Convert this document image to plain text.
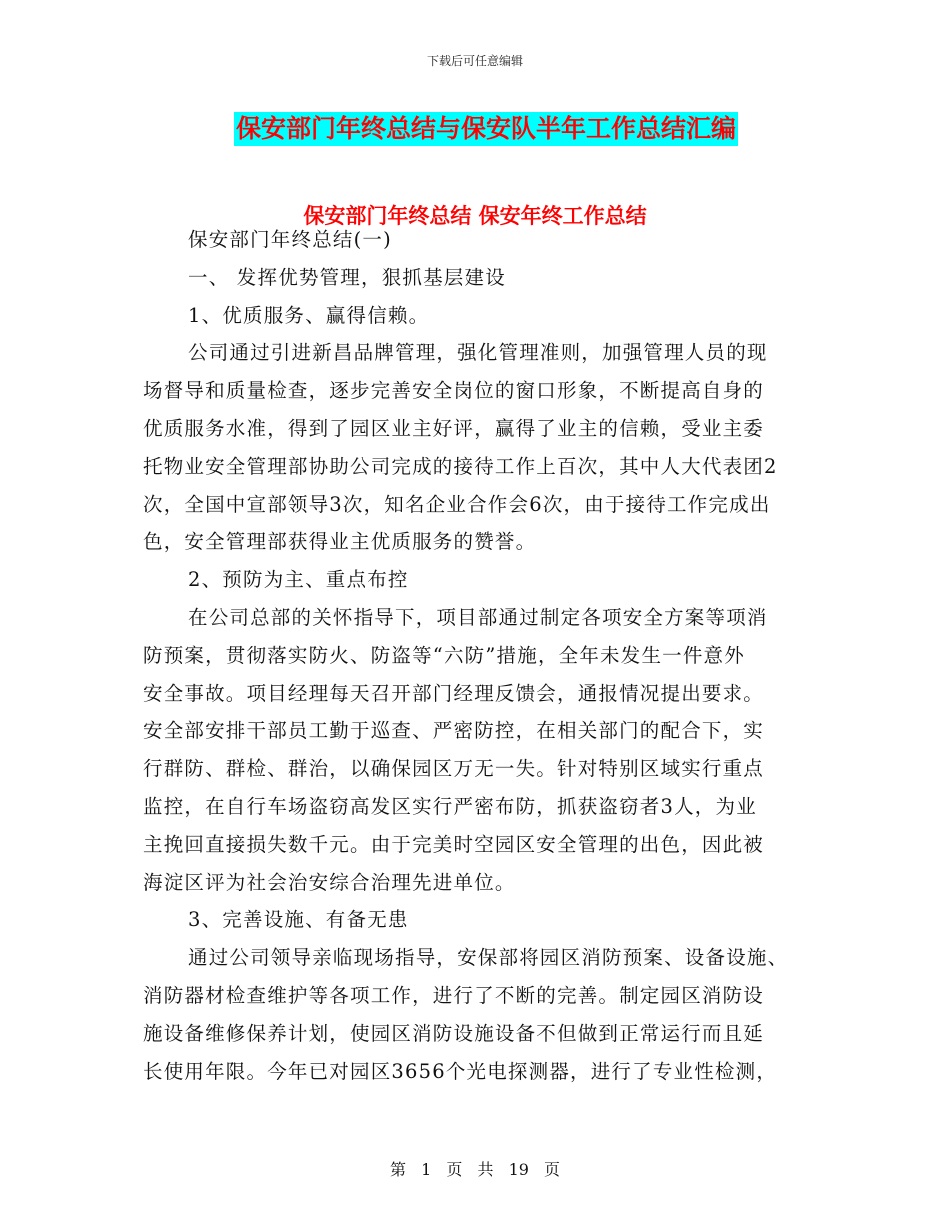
下载后可任意编辑
保安部门年终总结与保安队半年工作总结汇编
保安部门年终总结 保安年终工作总结
保安部门年终总结(一)
一、 发挥优势管理，狠抓基层建设
1、优质服务、赢得信赖。
公司通过引进新昌品牌管理，强化管理准则，加强管理人员的现
场督导和质量检查，逐步完善安全岗位的窗口形象，不断提高自身的
优质服务水准，得到了园区业主好评，赢得了业主的信赖，受业主委
托物业安全管理部协助公司完成的接待工作上百次，其中人大代表团2
次，全国中宣部领导3次，知名企业合作会6次，由于接待工作完成出
色，安全管理部获得业主优质服务的赞誉。
2、预防为主、重点布控
在公司总部的关怀指导下，项目部通过制定各项安全方案等项消
防预案，贯彻落实防火、防盗等“六防”措施，全年未发生一件意外
安全事故。项目经理每天召开部门经理反馈会，通报情况提出要求。
安全部安排干部员工勤于巡查、严密防控，在相关部门的配合下，实
行群防、群检、群治，以确保园区万无一失。针对特别区域实行重点
监控，在自行车场盗窃高发区实行严密布防，抓获盗窃者3人，为业
主挽回直接损失数千元。由于完美时空园区安全管理的出色，因此被
海淀区评为社会治安综合治理先进单位。
3、完善设施、有备无患
通过公司领导亲临现场指导，安保部将园区消防预案、设备设施、
消防器材检查维护等各项工作，进行了不断的完善。制定园区消防设
施设备维修保养计划，使园区消防设施设备不但做到正常运行而且延
长使用年限。今年已对园区3656个光电探测器，进行了专业性检测，
第 1 页 共 19 页
